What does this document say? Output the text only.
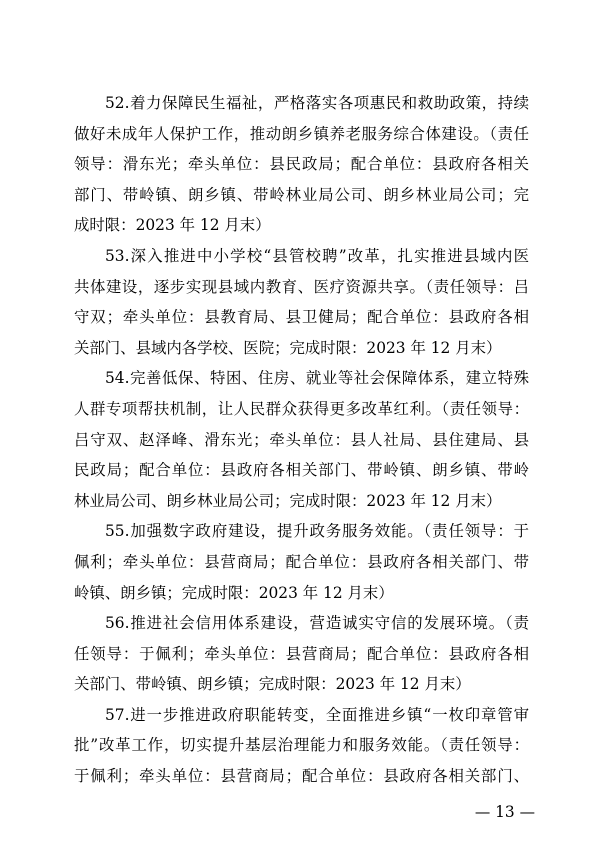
52.着力保障民生福祉，严格落实各项惠民和救助政策，持续
做好未成年人保护工作，推动朗乡镇养老服务综合体建设。（责任
领导：滑东光；牵头单位：县民政局；配合单位：县政府各相关
部门、带岭镇、朗乡镇、带岭林业局公司、朗乡林业局公司；完
成时限：2023 年 12 月末）
53.深入推进中小学校“县管校聘”改革，扎实推进县域内医
共体建设，逐步实现县域内教育、医疗资源共享。（责任领导：吕
守双；牵头单位：县教育局、县卫健局；配合单位：县政府各相
关部门、县域内各学校、医院；完成时限：2023 年 12 月末）
54.完善低保、特困、住房、就业等社会保障体系，建立特殊
人群专项帮扶机制，让人民群众获得更多改革红利。（责任领导：
吕守双、赵泽峰、滑东光；牵头单位：县人社局、县住建局、县
民政局；配合单位：县政府各相关部门、带岭镇、朗乡镇、带岭
林业局公司、朗乡林业局公司；完成时限：2023 年 12 月末）
55.加强数字政府建设，提升政务服务效能。（责任领导：于
佩利；牵头单位：县营商局；配合单位：县政府各相关部门、带
岭镇、朗乡镇；完成时限：2023 年 12 月末）
56.推进社会信用体系建设，营造诚实守信的发展环境。（责
任领导：于佩利；牵头单位：县营商局；配合单位：县政府各相
关部门、带岭镇、朗乡镇；完成时限：2023 年 12 月末）
57.进一步推进政府职能转变，全面推进乡镇“一枚印章管审
批”改革工作，切实提升基层治理能力和服务效能。（责任领导：
于佩利；牵头单位：县营商局；配合单位：县政府各相关部门、
— 13 —
